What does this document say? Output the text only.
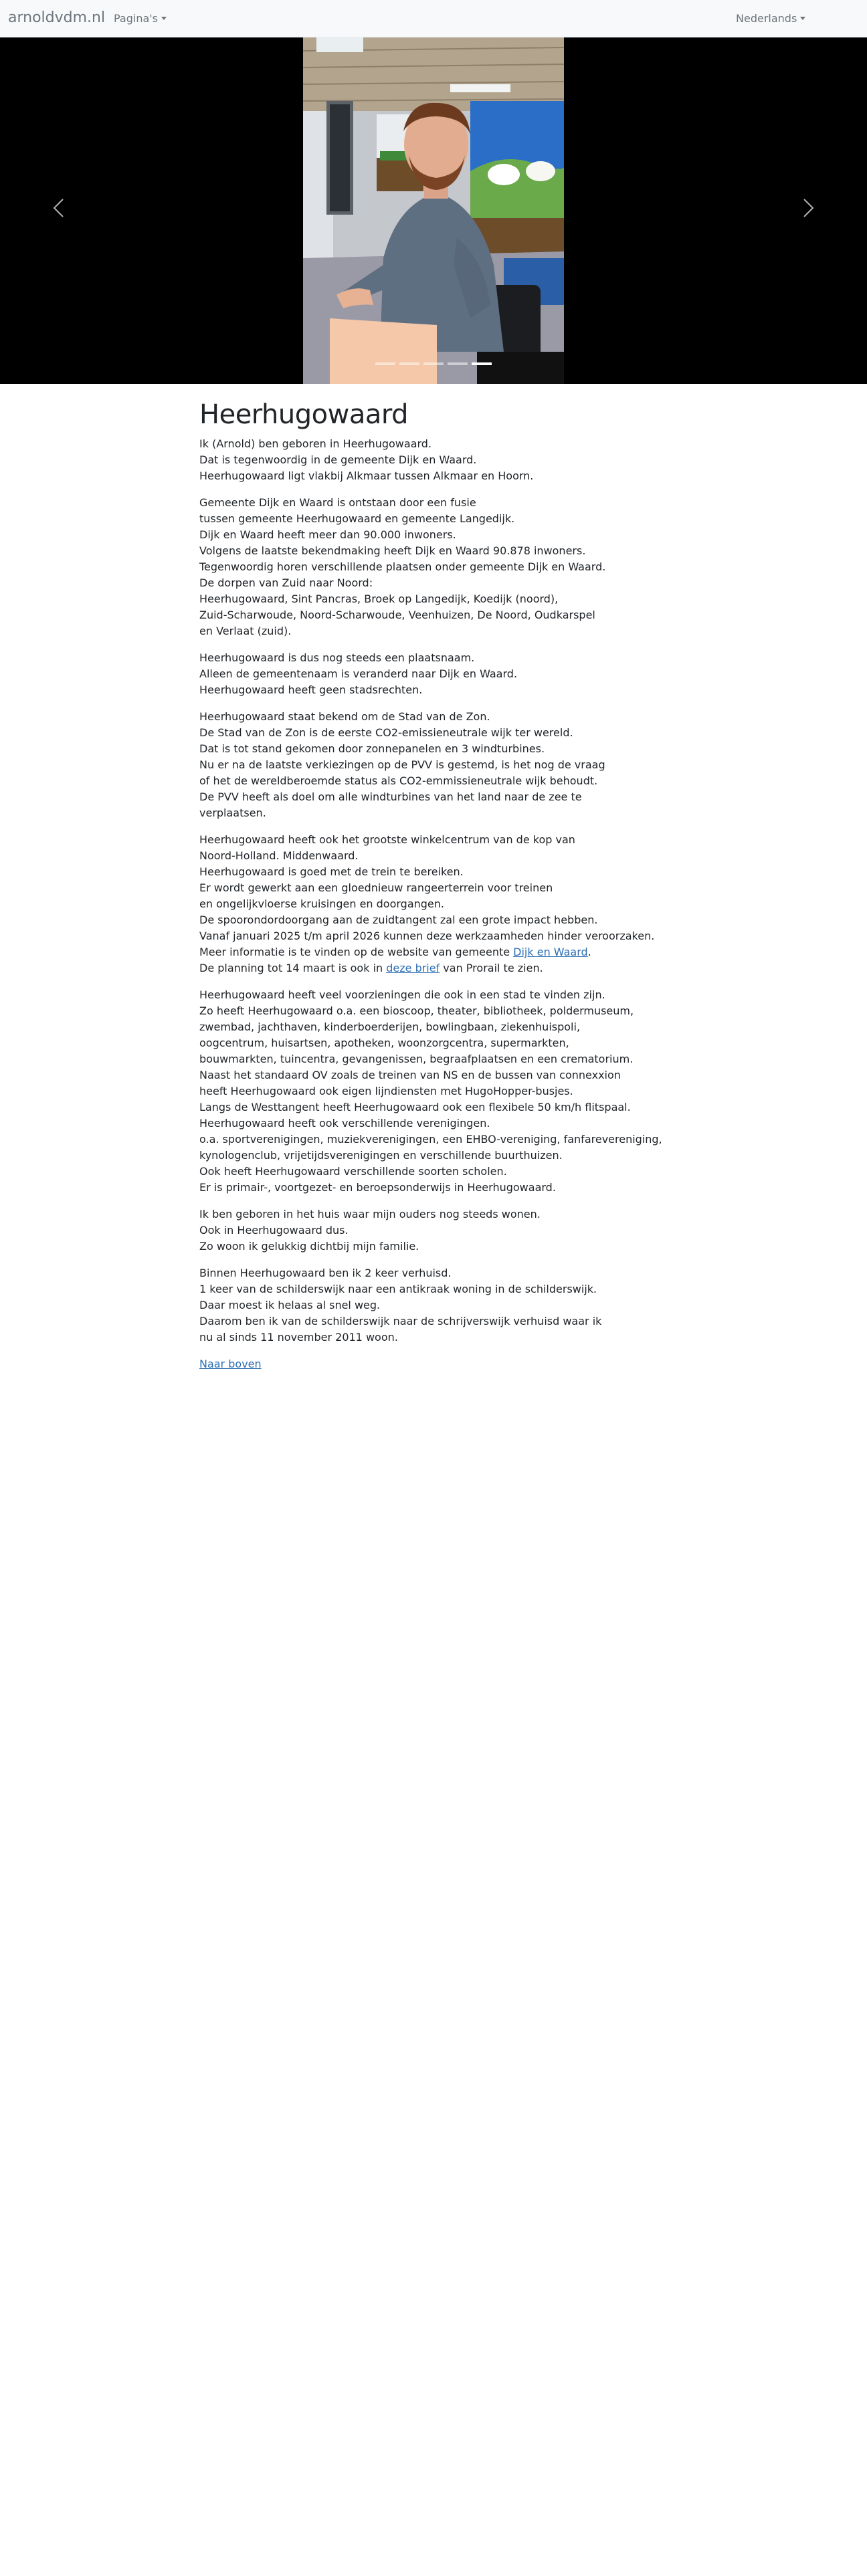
arnoldvdm.nl Pagina's	Nederlands
Heerhugowaard

Ik (Arnold) ben geboren in Heerhugowaard.
Dat is tegenwoordig in de gemeente Dijk en Waard.
Heerhugowaard ligt vlakbij Alkmaar tussen Alkmaar en Hoorn.

Gemeente Dijk en Waard is ontstaan door een fusie
tussen gemeente Heerhugowaard en gemeente Langedijk.
Dijk en Waard heeft meer dan 90.000 inwoners.
Volgens de laatste bekendmaking heeft Dijk en Waard 90.878 inwoners.
Tegenwoordig horen verschillende plaatsen onder gemeente Dijk en Waard.
De dorpen van Zuid naar Noord:
Heerhugowaard, Sint Pancras, Broek op Langedijk, Koedijk (noord),
Zuid-Scharwoude, Noord-Scharwoude, Veenhuizen, De Noord, Oudkarspel
en Verlaat (zuid).

Heerhugowaard is dus nog steeds een plaatsnaam.
Alleen de gemeentenaam is veranderd naar Dijk en Waard.
Heerhugowaard heeft geen stadsrechten.

Heerhugowaard staat bekend om de Stad van de Zon.
De Stad van de Zon is de eerste CO2-emissieneutrale wijk ter wereld.
Dat is tot stand gekomen door zonnepanelen en 3 windturbines.
Nu er na de laatste verkiezingen op de PVV is gestemd, is het nog de vraag
of het de wereldberoemde status als CO2-emmissieneutrale wijk behoudt.
De PVV heeft als doel om alle windturbines van het land naar de zee te
verplaatsen.

Heerhugowaard heeft ook het grootste winkelcentrum van de kop van
Noord-Holland. Middenwaard.
Heerhugowaard is goed met de trein te bereiken.
Er wordt gewerkt aan een gloednieuw rangeerterrein voor treinen
en ongelijkvloerse kruisingen en doorgangen.
De spoorondordoorgang aan de zuidtangent zal een grote impact hebben.
Vanaf januari 2025 t/m april 2026 kunnen deze werkzaamheden hinder veroorzaken.
Meer informatie is te vinden op de website van gemeente Dijk en Waard.
De planning tot 14 maart is ook in deze brief van Prorail te zien.

Heerhugowaard heeft veel voorzieningen die ook in een stad te vinden zijn.
Zo heeft Heerhugowaard o.a. een bioscoop, theater, bibliotheek, poldermuseum,
zwembad, jachthaven, kinderboerderijen, bowlingbaan, ziekenhuispoli,
oogcentrum, huisartsen, apotheken, woonzorgcentra, supermarkten,
bouwmarkten, tuincentra, gevangenissen, begraafplaatsen en een crematorium.
Naast het standaard OV zoals de treinen van NS en de bussen van connexxion
heeft Heerhugowaard ook eigen lijndiensten met HugoHopper-busjes.
Langs de Westtangent heeft Heerhugowaard ook een flexibele 50 km/h flitspaal.
Heerhugowaard heeft ook verschillende verenigingen.
o.a. sportverenigingen, muziekverenigingen, een EHBO-vereniging, fanfarevereniging,
kynologenclub, vrijetijdsverenigingen en verschillende buurthuizen.
Ook heeft Heerhugowaard verschillende soorten scholen.
Er is primair-, voortgezet- en beroepsonderwijs in Heerhugowaard.

Ik ben geboren in het huis waar mijn ouders nog steeds wonen.
Ook in Heerhugowaard dus.
Zo woon ik gelukkig dichtbij mijn familie.

Binnen Heerhugowaard ben ik 2 keer verhuisd.
1 keer van de schilderswijk naar een antikraak woning in de schilderswijk.
Daar moest ik helaas al snel weg.
Daarom ben ik van de schilderswijk naar de schrijverswijk verhuisd waar ik
nu al sinds 11 november 2011 woon.

Naar boven
